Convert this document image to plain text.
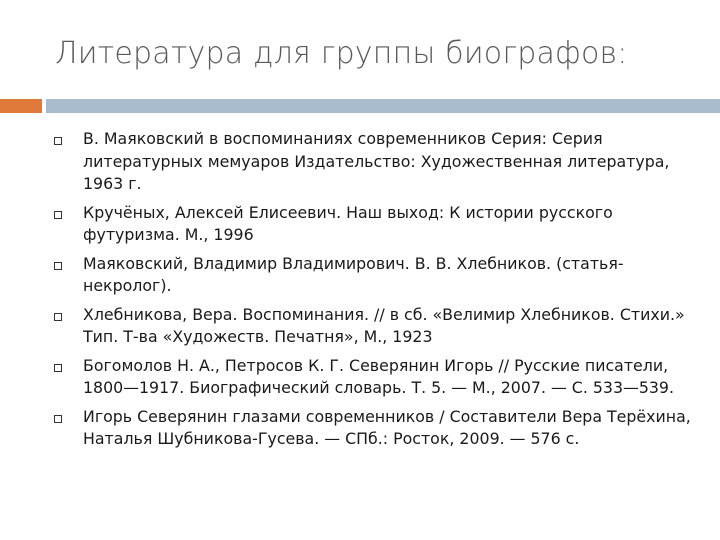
Литература для группы биографов:
В. Маяковский в воспоминаниях современников Серия: Серия литературных мемуаров Издательство: Художественная литература, 1963 г.
Кручёных, Алексей Елисеевич. Наш выход: К истории русского футуризма. М., 1996
Маяковский, Владимир Владимирович. В. В. Хлебников. (статья-некролог).
Хлебникова, Вера. Воспоминания. // в сб. «Велимир Хлебников. Стихи.» Тип. Т-ва «Художеств. Печатня», М., 1923
Богомолов Н. А., Петросов К. Г. Северянин Игорь // Русские писатели, 1800—1917. Биографический словарь. Т. 5. — М., 2007. — С. 533—539.
Игорь Северянин глазами современников / Составители Вера Терёхина, Наталья Шубникова-Гусева. — СПб.: Росток, 2009. — 576 с.
